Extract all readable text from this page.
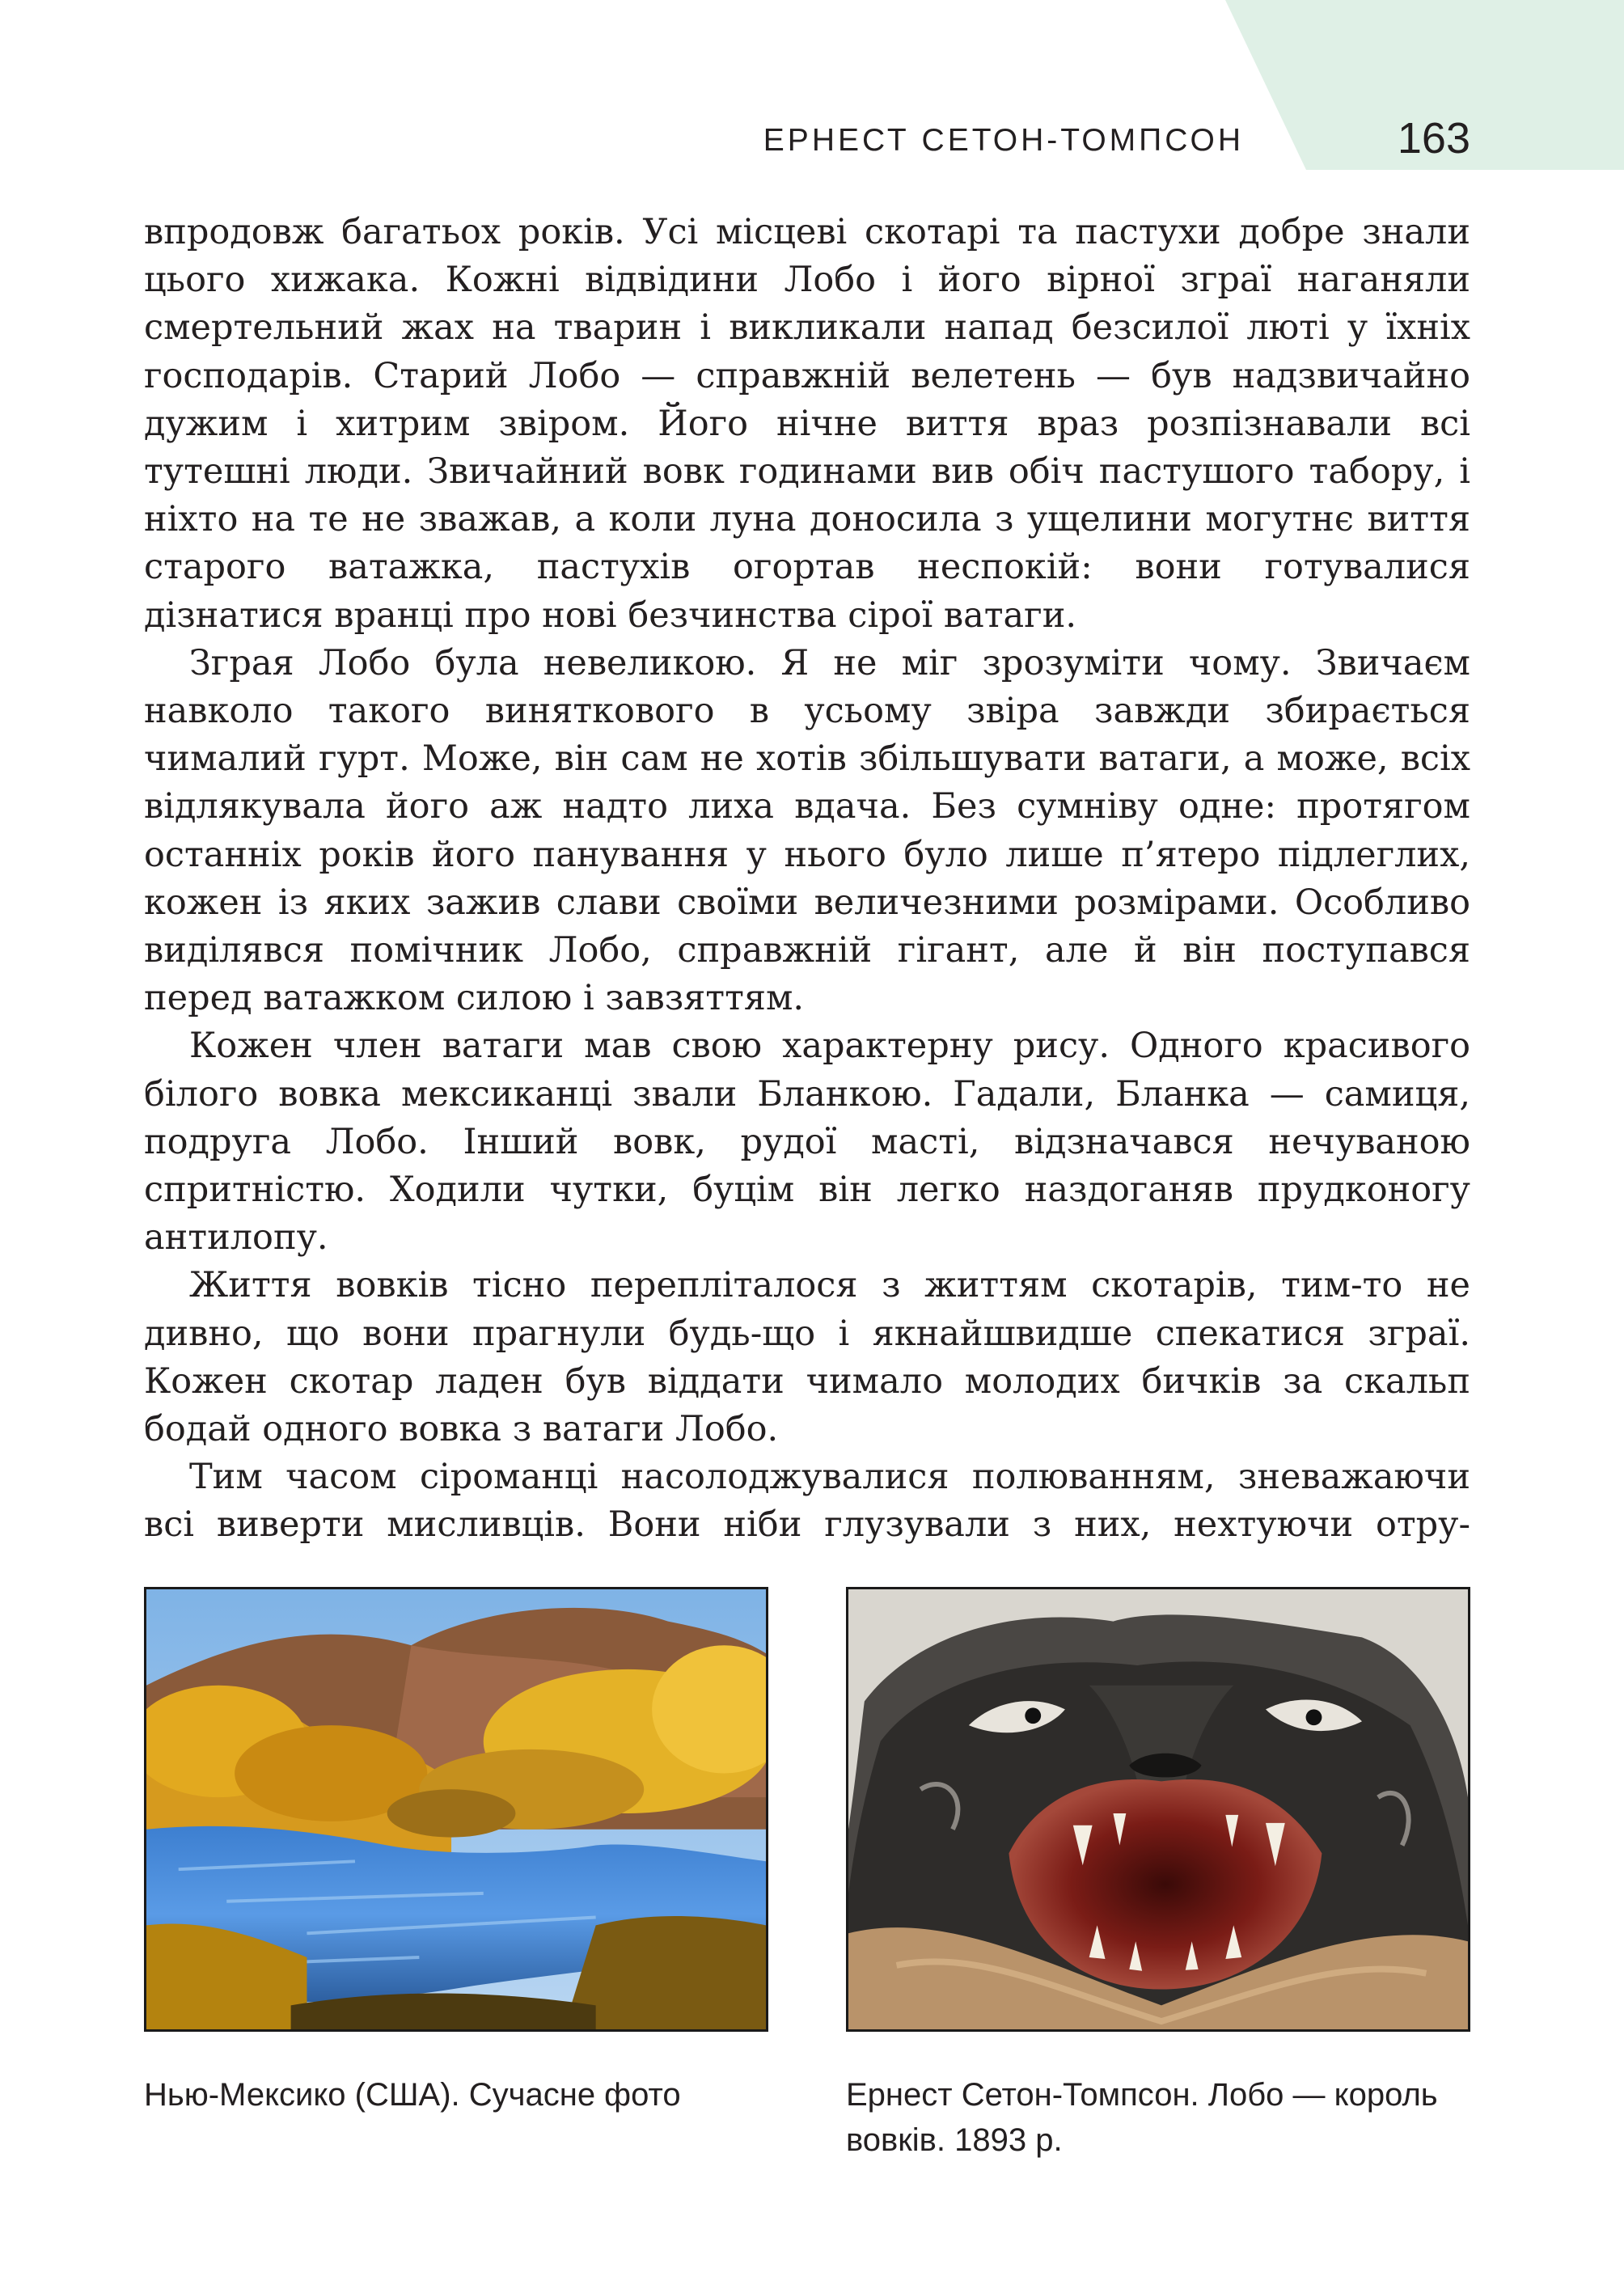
ЕРНЕСТ СЕТОН-ТОМПСОН	163

впродовж багатьох років. Усі місцеві скотарі та пастухи добре знали цього хижака. Кожні відвідини Лобо і його вірної зграї наганяли смертельний жах на тварин і викликали напад безсилої люті у їхніх господарів. Старий Лобо — справжній велетень — був надзвичайно дужим і хитрим звіром. Його нічне виття враз розпізнавали всі тутешні люди. Звичайний вовк годинами вив обіч пастушого табору, і ніхто на те не зважав, а коли луна доносила з ущелини могутнє виття старого ватажка, пастухів огортав неспокій: вони готувалися дізнатися вранці про нові безчинства сірої ватаги.

Зграя Лобо була невеликою. Я не міг зрозуміти чому. Звичаєм навколо такого виняткового в усьому звіра завжди збирається чималий гурт. Може, він сам не хотів збільшувати ватаги, а може, всіх відлякувала його аж надто лиха вдача. Без сумніву одне: протягом останніх років його панування у нього було лише п’ятеро підлеглих, кожен із яких зажив слави своїми величезними розмірами. Особливо виділявся помічник Лобо, справжній гігант, але й він поступався перед ватажком силою і завзяттям.

Кожен член ватаги мав свою характерну рису. Одного красивого білого вовка мексиканці звали Бланкою. Гадали, Бланка — самиця, подруга Лобо. Інший вовк, рудої масті, відзначався нечуваною спритністю. Ходили чутки, буцім він легко наздоганяв прудконогу антилопу.

Життя вовків тісно перепліталося з життям скотарів, тим-то не дивно, що вони прагнули будь-що і якнайшвидше спекатися зграї. Кожен скотар ладен був віддати чимало молодих бичків за скальп бодай одного вовка з ватаги Лобо.

Тим часом сіроманці насолоджувалися полюванням, зневажаючи всі виверти мисливців. Вони ніби глузували з них, нехтуючи отру-

Нью-Мексико (США). Сучасне фото	Ернест Сетон-Томпсон. Лобо — король вовків. 1893 р.
